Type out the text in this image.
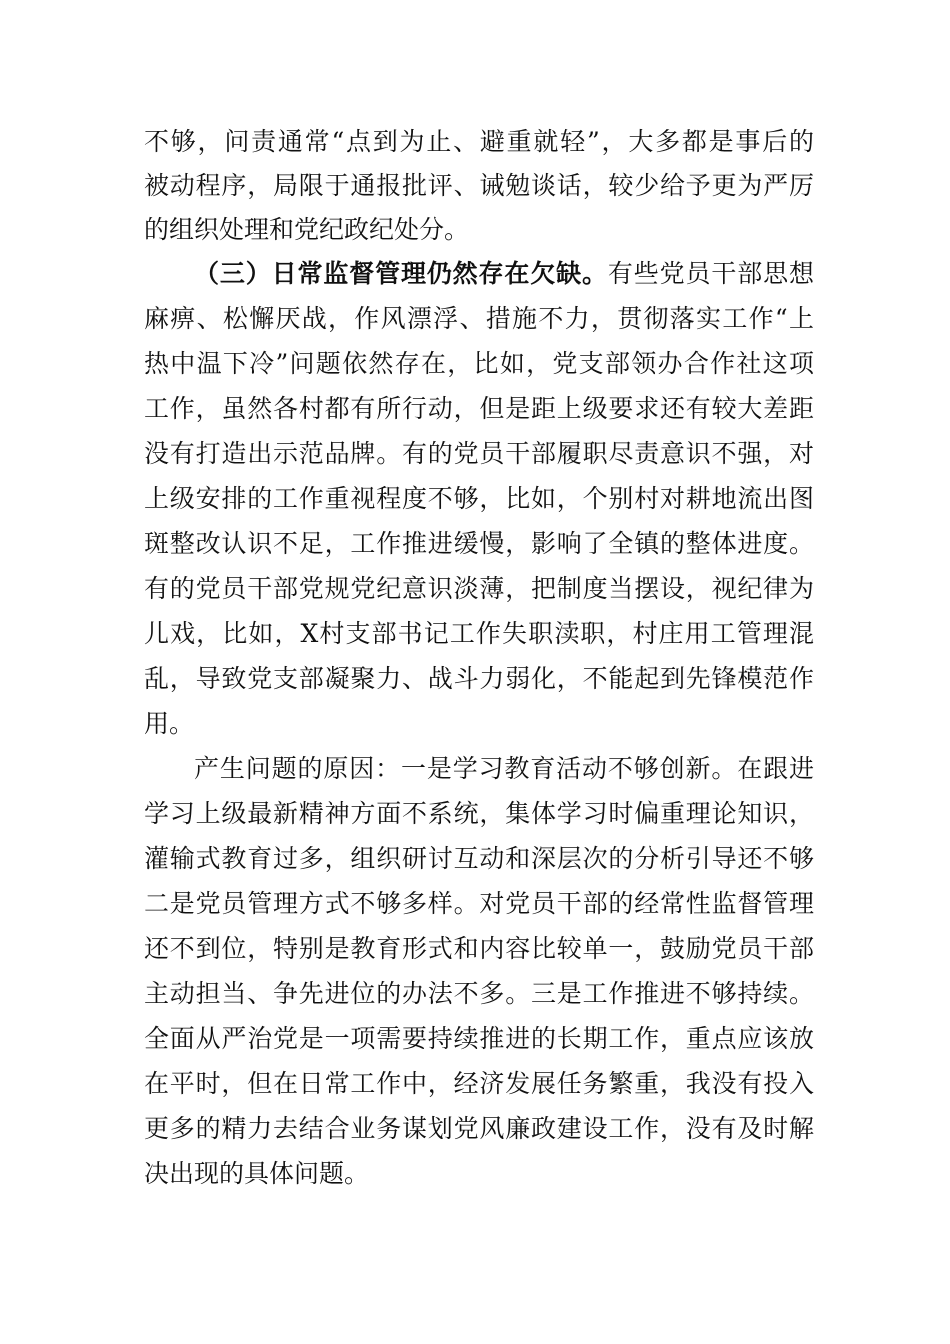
不够，问责通常“点到为止、避重就轻”，大多都是事后的
被动程序，局限于通报批评、诫勉谈话，较少给予更为严厉
的组织处理和党纪政纪处分。
（三）日常监督管理仍然存在欠缺。有些党员干部思想
麻痹、松懈厌战，作风漂浮、措施不力，贯彻落实工作“上
热中温下冷”问题依然存在，比如，党支部领办合作社这项
工作，虽然各村都有所行动，但是距上级要求还有较大差距
没有打造出示范品牌。有的党员干部履职尽责意识不强，对
上级安排的工作重视程度不够，比如，个别村对耕地流出图
斑整改认识不足，工作推进缓慢，影响了全镇的整体进度。
有的党员干部党规党纪意识淡薄，把制度当摆设，视纪律为
儿戏，比如，X村支部书记工作失职渎职，村庄用工管理混
乱，导致党支部凝聚力、战斗力弱化，不能起到先锋模范作
用。
产生问题的原因：一是学习教育活动不够创新。在跟进
学习上级最新精神方面不系统，集体学习时偏重理论知识，
灌输式教育过多，组织研讨互动和深层次的分析引导还不够
二是党员管理方式不够多样。对党员干部的经常性监督管理
还不到位，特别是教育形式和内容比较单一，鼓励党员干部
主动担当、争先进位的办法不多。三是工作推进不够持续。
全面从严治党是一项需要持续推进的长期工作，重点应该放
在平时，但在日常工作中，经济发展任务繁重，我没有投入
更多的精力去结合业务谋划党风廉政建设工作，没有及时解
决出现的具体问题。
